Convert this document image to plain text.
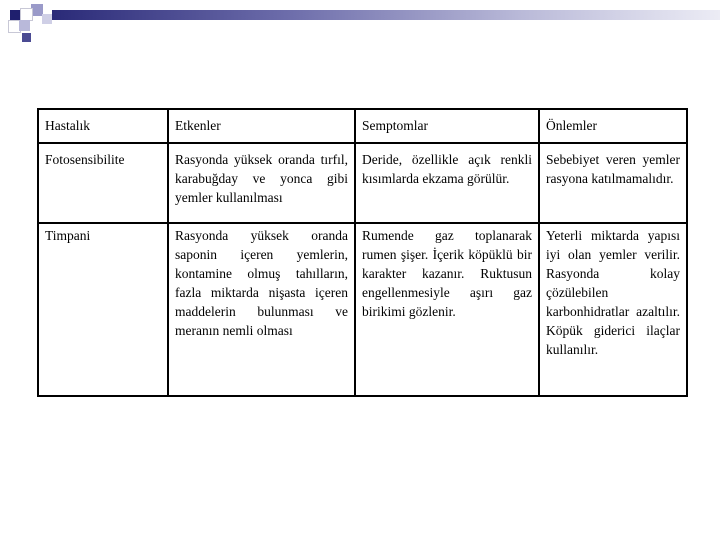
Hastalık	Etkenler	Semptomlar	Önlemler
Fotosensibilite	Rasyonda yüksek oranda tırfıl, karabuğday ve yonca gibi yemler kullanılması	Deride, özellikle açık renkli kısımlarda ekzama görülür.	Sebebiyet veren yemler rasyona katılmamalıdır.
Timpani	Rasyonda yüksek oranda saponin içeren yemlerin, kontamine olmuş tahılların, fazla miktarda nişasta içeren maddelerin bulunması ve meranın nemli olması	Rumende gaz toplanarak rumen şişer. İçerik köpüklü bir karakter kazanır. Ruktusun engellenmesiyle aşırı gaz birikimi gözlenir.	Yeterli miktarda yapısı iyi olan yemler verilir. Rasyonda kolay çözülebilen karbonhidratlar azaltılır. Köpük giderici ilaçlar kullanılır.
